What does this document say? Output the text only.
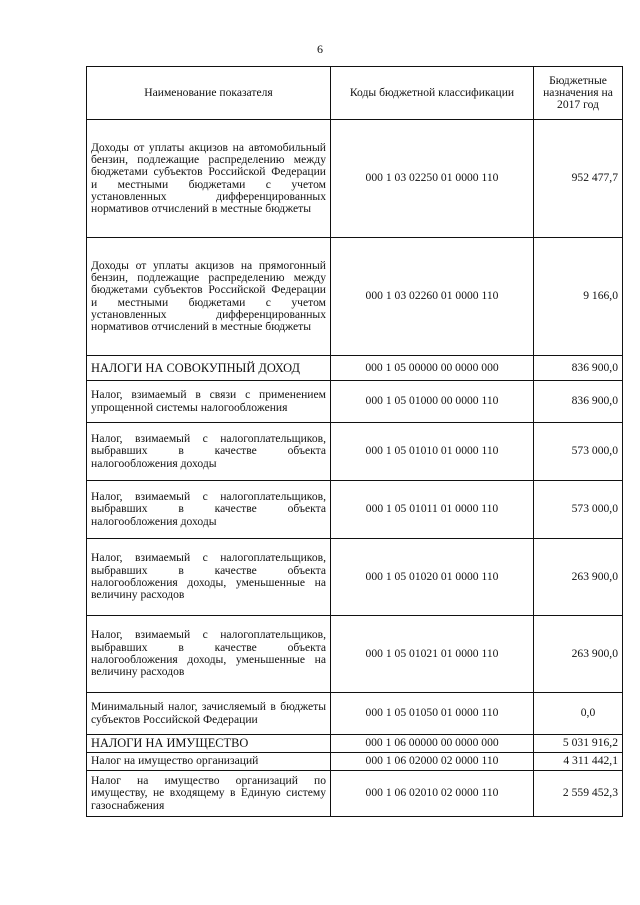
6
Наименование показателя	Коды бюджетной классификации	Бюджетные назначения на 2017 год
Доходы от уплаты акцизов на автомобильный бензин, подлежащие распределению между бюджетами субъектов Российской Федерации и местными бюджетами с учетом установленных дифференцированных нормативов отчислений в местные бюджеты	000 1 03 02250 01 0000 110	952 477,7
Доходы от уплаты акцизов на прямогонный бензин, подлежащие распределению между бюджетами субъектов Российской Федерации и местными бюджетами с учетом установленных дифференцированных нормативов отчислений в местные бюджеты	000 1 03 02260 01 0000 110	9 166,0
НАЛОГИ НА СОВОКУПНЫЙ ДОХОД	000 1 05 00000 00 0000 000	836 900,0
Налог, взимаемый в связи с применением упрощенной системы налогообложения	000 1 05 01000 00 0000 110	836 900,0
Налог, взимаемый с налогоплательщиков, выбравших в качестве объекта налогообложения доходы	000 1 05 01010 01 0000 110	573 000,0
Налог, взимаемый с налогоплательщиков, выбравших в качестве объекта налогообложения доходы	000 1 05 01011 01 0000 110	573 000,0
Налог, взимаемый с налогоплательщиков, выбравших в качестве объекта налогообложения доходы, уменьшенные на величину расходов	000 1 05 01020 01 0000 110	263 900,0
Налог, взимаемый с налогоплательщиков, выбравших в качестве объекта налогообложения доходы, уменьшенные на величину расходов	000 1 05 01021 01 0000 110	263 900,0
Минимальный налог, зачисляемый в бюджеты субъектов Российской Федерации	000 1 05 01050 01 0000 110	0,0
НАЛОГИ НА ИМУЩЕСТВО	000 1 06 00000 00 0000 000	5 031 916,2
Налог на имущество организаций	000 1 06 02000 02 0000 110	4 311 442,1
Налог на имущество организаций по имуществу, не входящему в Единую систему газоснабжения	000 1 06 02010 02 0000 110	2 559 452,3
